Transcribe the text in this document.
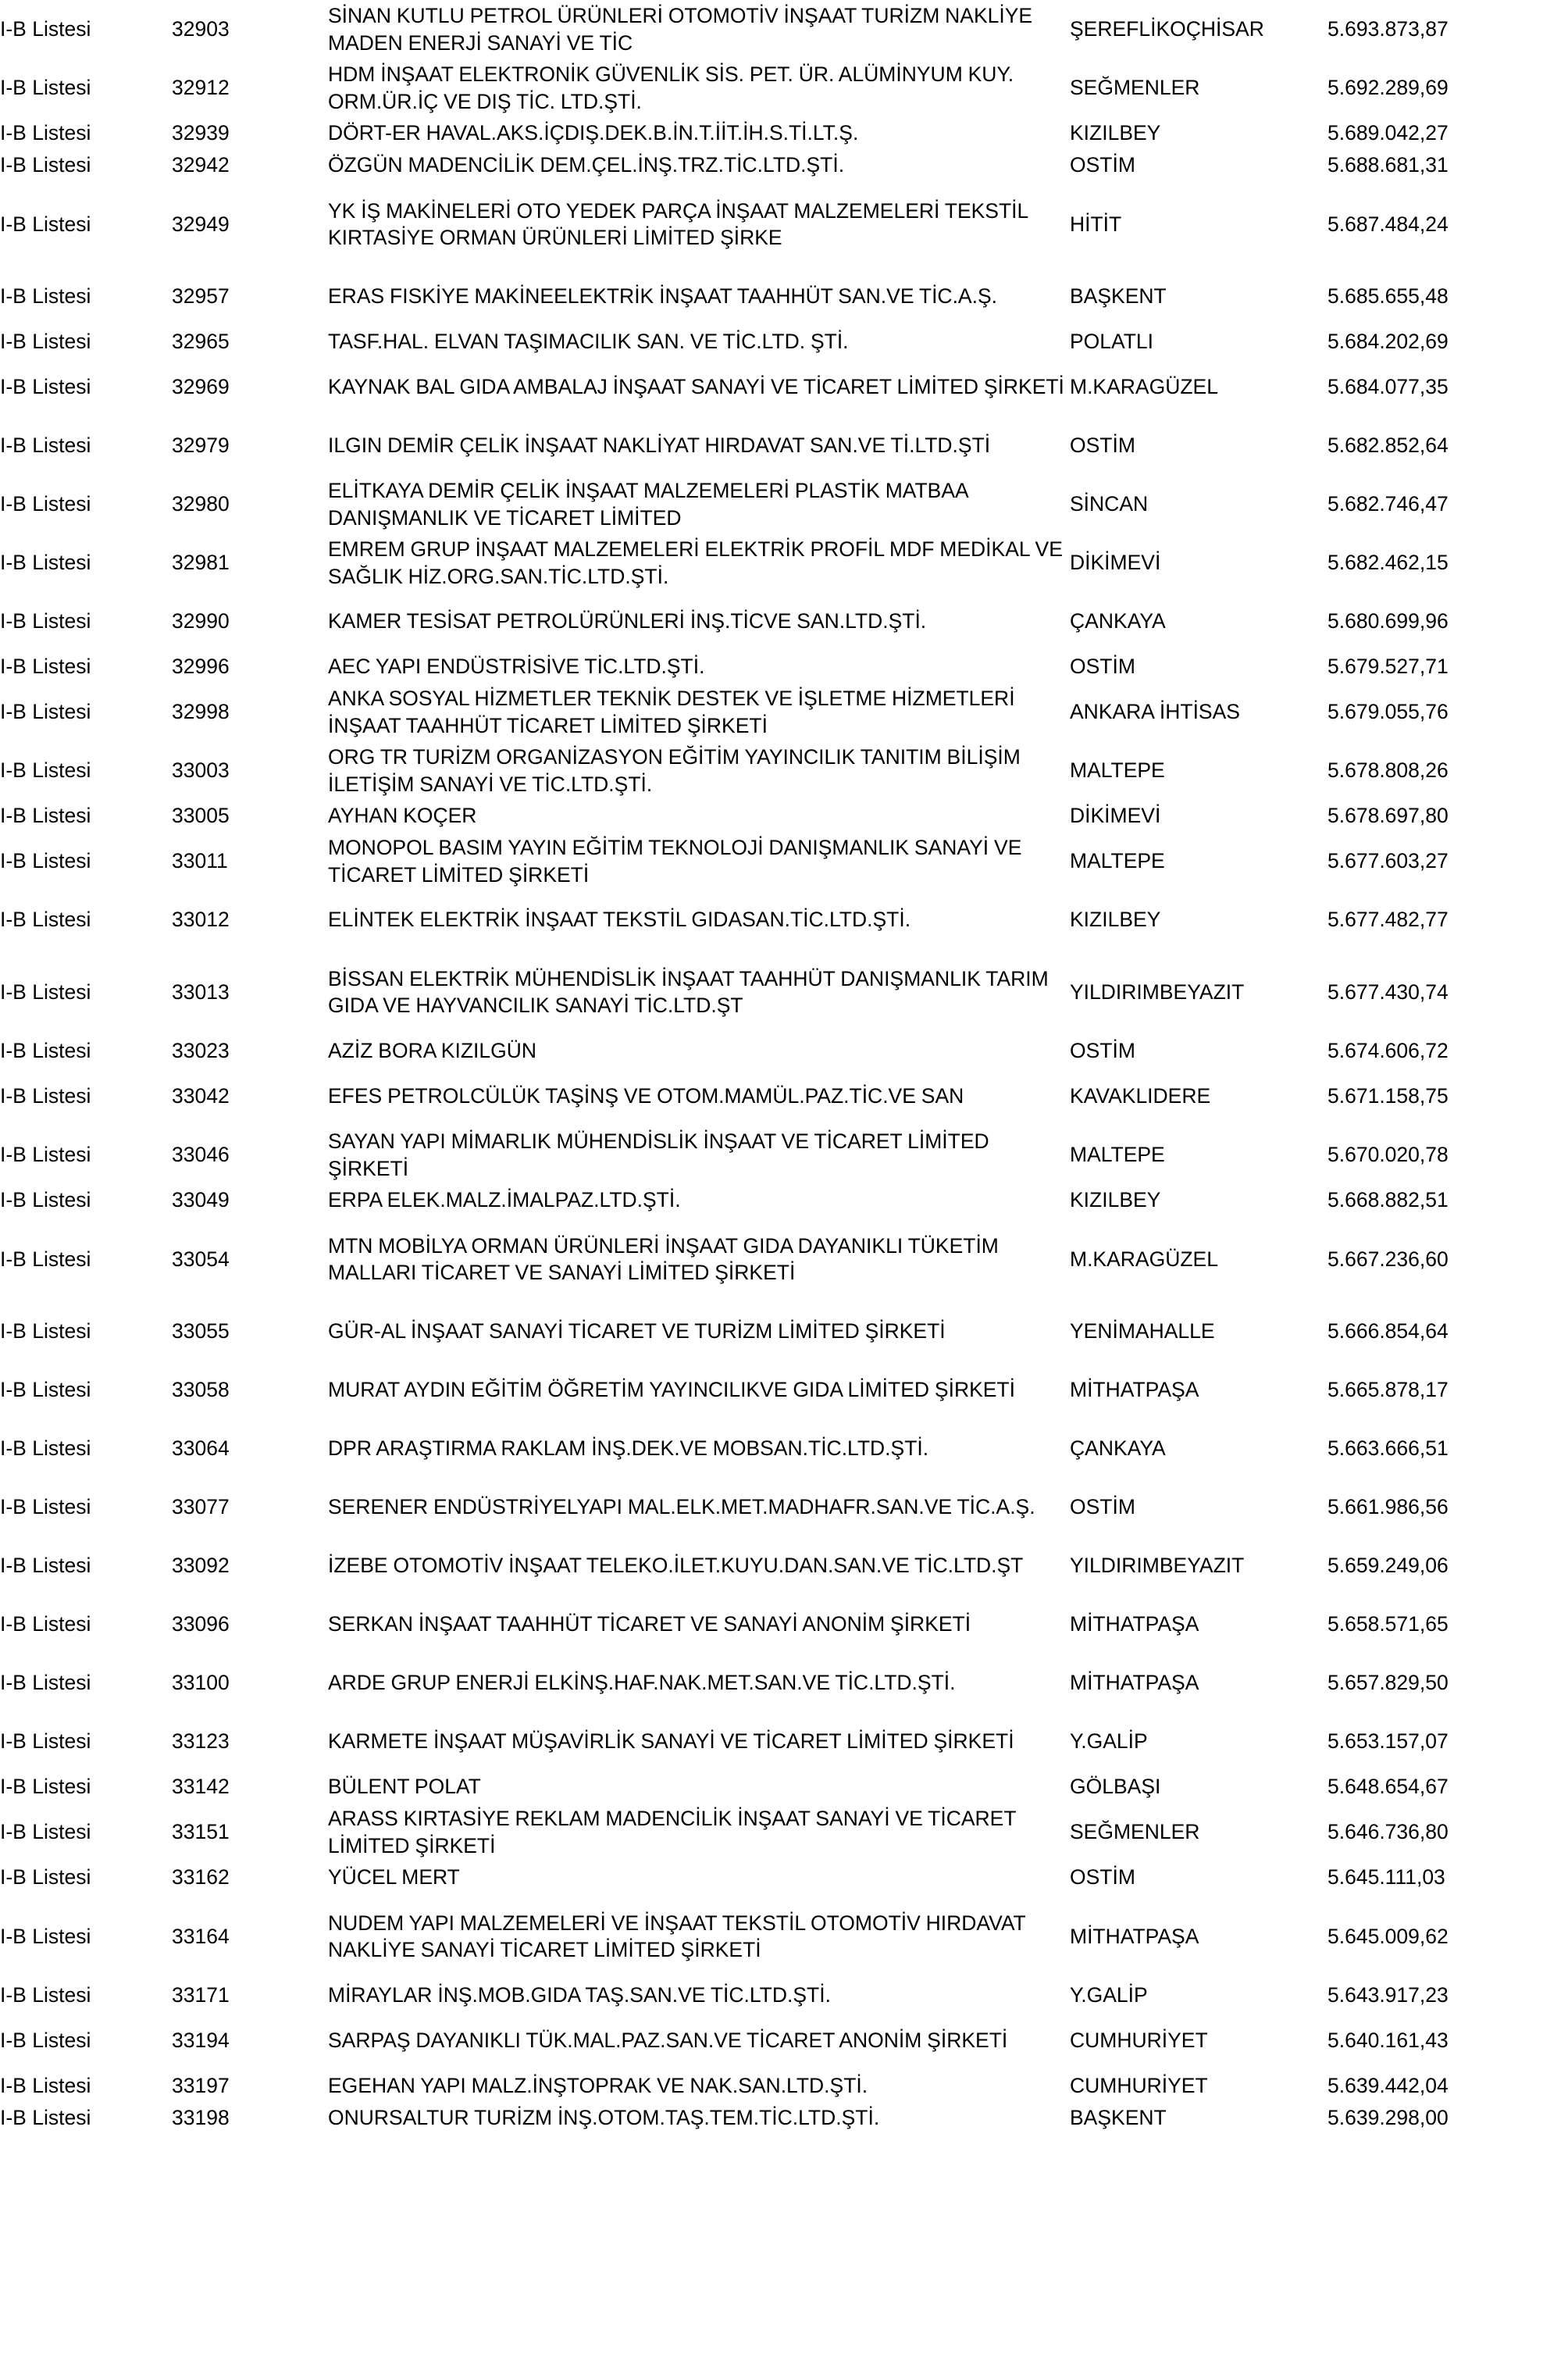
I-B Listesi	32903	SİNAN KUTLU PETROL ÜRÜNLERİ OTOMOTİV İNŞAAT TURİZM NAKLİYE MADEN ENERJİ SANAYİ VE TİC	ŞEREFLİKOÇHİSAR	5.693.873,87
I-B Listesi	32912	HDM İNŞAAT ELEKTRONİK GÜVENLİK SİS. PET. ÜR. ALÜMİNYUM KUY. ORM.ÜR.İÇ VE DIŞ TİC. LTD.ŞTİ.	SEĞMENLER	5.692.289,69
I-B Listesi	32939	DÖRT-ER HAVAL.AKS.İÇDIŞ.DEK.B.İN.T.İİT.İH.S.Tİ.LT.Ş.	KIZILBEY	5.689.042,27
I-B Listesi	32942	ÖZGÜN MADENCİLİK DEM.ÇEL.İNŞ.TRZ.TİC.LTD.ŞTİ.	OSTİM	5.688.681,31
I-B Listesi	32949	YK İŞ MAKİNELERİ OTO YEDEK PARÇA İNŞAAT MALZEMELERİ TEKSTİL KIRTASİYE ORMAN ÜRÜNLERİ LİMİTED ŞİRKE	HİTİT	5.687.484,24
I-B Listesi	32957	ERAS FISKİYE MAKİNEELEKTRİK İNŞAAT TAAHHÜT SAN.VE TİC.A.Ş.	BAŞKENT	5.685.655,48
I-B Listesi	32965	TASF.HAL. ELVAN TAŞIMACILIK SAN. VE TİC.LTD. ŞTİ.	POLATLI	5.684.202,69
I-B Listesi	32969	KAYNAK BAL GIDA AMBALAJ İNŞAAT SANAYİ VE TİCARET LİMİTED ŞİRKETİ	M.KARAGÜZEL	5.684.077,35
I-B Listesi	32979	ILGIN DEMİR ÇELİK İNŞAAT NAKLİYAT HIRDAVAT SAN.VE Tİ.LTD.ŞTİ	OSTİM	5.682.852,64
I-B Listesi	32980	ELİTKAYA DEMİR ÇELİK İNŞAAT MALZEMELERİ PLASTİK MATBAA DANIŞMANLIK VE TİCARET LİMİTED	SİNCAN	5.682.746,47
I-B Listesi	32981	EMREM GRUP İNŞAAT MALZEMELERİ ELEKTRİK PROFİL MDF MEDİKAL VE SAĞLIK HİZ.ORG.SAN.TİC.LTD.ŞTİ.	DİKİMEVİ	5.682.462,15
I-B Listesi	32990	KAMER TESİSAT PETROLÜRÜNLERİ İNŞ.TİCVE SAN.LTD.ŞTİ.	ÇANKAYA	5.680.699,96
I-B Listesi	32996	AEC YAPI ENDÜSTRİSİVE TİC.LTD.ŞTİ.	OSTİM	5.679.527,71
I-B Listesi	32998	ANKA SOSYAL HİZMETLER TEKNİK DESTEK VE İŞLETME HİZMETLERİ İNŞAAT TAAHHÜT TİCARET LİMİTED ŞİRKETİ	ANKARA İHTİSAS	5.679.055,76
I-B Listesi	33003	ORG TR TURİZM ORGANİZASYON EĞİTİM YAYINCILIK TANITIM BİLİŞİM İLETİŞİM SANAYİ VE TİC.LTD.ŞTİ.	MALTEPE	5.678.808,26
I-B Listesi	33005	AYHAN KOÇER	DİKİMEVİ	5.678.697,80
I-B Listesi	33011	MONOPOL BASIM YAYIN EĞİTİM TEKNOLOJİ DANIŞMANLIK SANAYİ VE TİCARET LİMİTED ŞİRKETİ	MALTEPE	5.677.603,27
I-B Listesi	33012	ELİNTEK ELEKTRİK İNŞAAT TEKSTİL GIDASAN.TİC.LTD.ŞTİ.	KIZILBEY	5.677.482,77
I-B Listesi	33013	BİSSAN ELEKTRİK MÜHENDİSLİK İNŞAAT TAAHHÜT DANIŞMANLIK TARIM GIDA VE HAYVANCILIK SANAYİ TİC.LTD.ŞT	YILDIRIMBEYAZIT	5.677.430,74
I-B Listesi	33023	AZİZ BORA KIZILGÜN	OSTİM	5.674.606,72
I-B Listesi	33042	EFES PETROLCÜLÜK TAŞİNŞ VE OTOM.MAMÜL.PAZ.TİC.VE SAN	KAVAKLIDERE	5.671.158,75
I-B Listesi	33046	SAYAN YAPI MİMARLIK MÜHENDİSLİK İNŞAAT VE TİCARET LİMİTED ŞİRKETİ	MALTEPE	5.670.020,78
I-B Listesi	33049	ERPA ELEK.MALZ.İMALPAZ.LTD.ŞTİ.	KIZILBEY	5.668.882,51
I-B Listesi	33054	MTN MOBİLYA ORMAN ÜRÜNLERİ İNŞAAT GIDA DAYANIKLI TÜKETİM MALLARI TİCARET VE SANAYİ LİMİTED ŞİRKETİ	M.KARAGÜZEL	5.667.236,60
I-B Listesi	33055	GÜR-AL İNŞAAT SANAYİ TİCARET VE TURİZM LİMİTED ŞİRKETİ	YENİMAHALLE	5.666.854,64
I-B Listesi	33058	MURAT AYDIN EĞİTİM ÖĞRETİM YAYINCILIKVE GIDA LİMİTED ŞİRKETİ	MİTHATPAŞA	5.665.878,17
I-B Listesi	33064	DPR ARAŞTIRMA RAKLAM İNŞ.DEK.VE MOBSAN.TİC.LTD.ŞTİ.	ÇANKAYA	5.663.666,51
I-B Listesi	33077	SERENER ENDÜSTRİYELYAPI MAL.ELK.MET.MADHAFR.SAN.VE TİC.A.Ş.	OSTİM	5.661.986,56
I-B Listesi	33092	İZEBE OTOMOTİV İNŞAAT TELEKO.İLET.KUYU.DAN.SAN.VE TİC.LTD.ŞT	YILDIRIMBEYAZIT	5.659.249,06
I-B Listesi	33096	SERKAN İNŞAAT TAAHHÜT TİCARET VE SANAYİ ANONİM ŞİRKETİ	MİTHATPAŞA	5.658.571,65
I-B Listesi	33100	ARDE GRUP ENERJİ ELKİNŞ.HAF.NAK.MET.SAN.VE TİC.LTD.ŞTİ.	MİTHATPAŞA	5.657.829,50
I-B Listesi	33123	KARMETE İNŞAAT MÜŞAVİRLİK SANAYİ VE TİCARET LİMİTED ŞİRKETİ	Y.GALİP	5.653.157,07
I-B Listesi	33142	BÜLENT POLAT	GÖLBAŞI	5.648.654,67
I-B Listesi	33151	ARASS KIRTASİYE REKLAM MADENCİLİK İNŞAAT SANAYİ VE TİCARET LİMİTED ŞİRKETİ	SEĞMENLER	5.646.736,80
I-B Listesi	33162	YÜCEL MERT	OSTİM	5.645.111,03
I-B Listesi	33164	NUDEM YAPI MALZEMELERİ VE İNŞAAT TEKSTİL OTOMOTİV HIRDAVAT NAKLİYE SANAYİ TİCARET LİMİTED ŞİRKETİ	MİTHATPAŞA	5.645.009,62
I-B Listesi	33171	MİRAYLAR İNŞ.MOB.GIDA TAŞ.SAN.VE TİC.LTD.ŞTİ.	Y.GALİP	5.643.917,23
I-B Listesi	33194	SARPAŞ DAYANIKLI TÜK.MAL.PAZ.SAN.VE TİCARET ANONİM ŞİRKETİ	CUMHURİYET	5.640.161,43
I-B Listesi	33197	EGEHAN YAPI MALZ.İNŞTOPRAK VE NAK.SAN.LTD.ŞTİ.	CUMHURİYET	5.639.442,04
I-B Listesi	33198	ONURSALTUR TURİZM İNŞ.OTOM.TAŞ.TEM.TİC.LTD.ŞTİ.	BAŞKENT	5.639.298,00
